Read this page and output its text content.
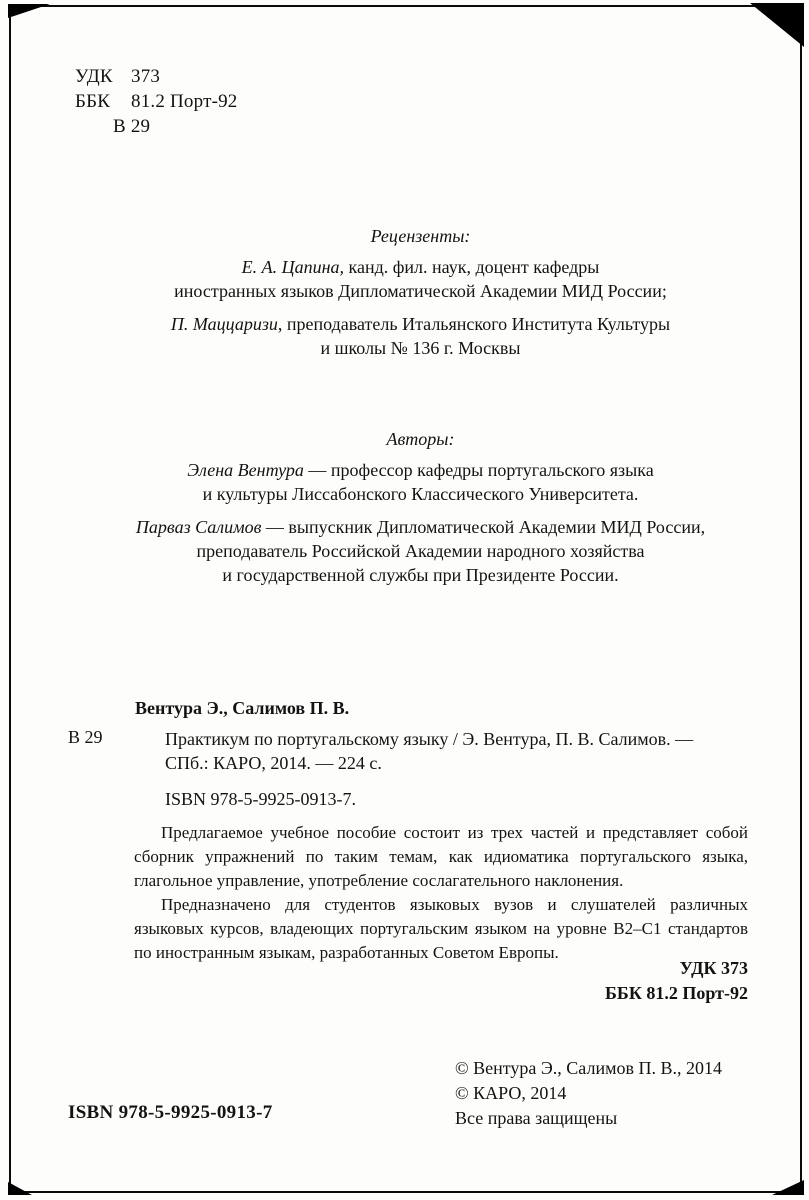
УДК 373
ББК 81.2 Порт-92
В 29
Рецензенты:
Е. А. Цапина, канд. фил. наук, доцент кафедры
иностранных языков Дипломатической Академии МИД России;
П. Маццаризи, преподаватель Итальянского Института Культуры
и школы № 136 г. Москвы
Авторы:
Элена Вентура — профессор кафедры португальского языка
и культуры Лиссабонского Классического Университета.
Парваз Салимов — выпускник Дипломатической Академии МИД России,
преподаватель Российской Академии народного хозяйства
и государственной службы при Президенте России.
Вентура Э., Салимов П. В.
В 29	Практикум по португальскому языку / Э. Вентура, П. В. Салимов. —
СПб.: КАРО, 2014. — 224 с.
ISBN 978-5-9925-0913-7.

Предлагаемое учебное пособие состоит из трех частей и представляет собой сборник упражнений по таким темам, как идиоматика португальского языка, глагольное управление, употребление сослагательного наклонения.

Предназначено для студентов языковых вузов и слушателей различных языковых курсов, владеющих португальским языком на уровне B2–C1 стандартов по иностранным языкам, разработанных Советом Европы.

УДК 373
ББК 81.2 Порт-92
© Вентура Э., Салимов П. В., 2014
© КАРО, 2014
Все права защищены
ISBN 978-5-9925-0913-7
